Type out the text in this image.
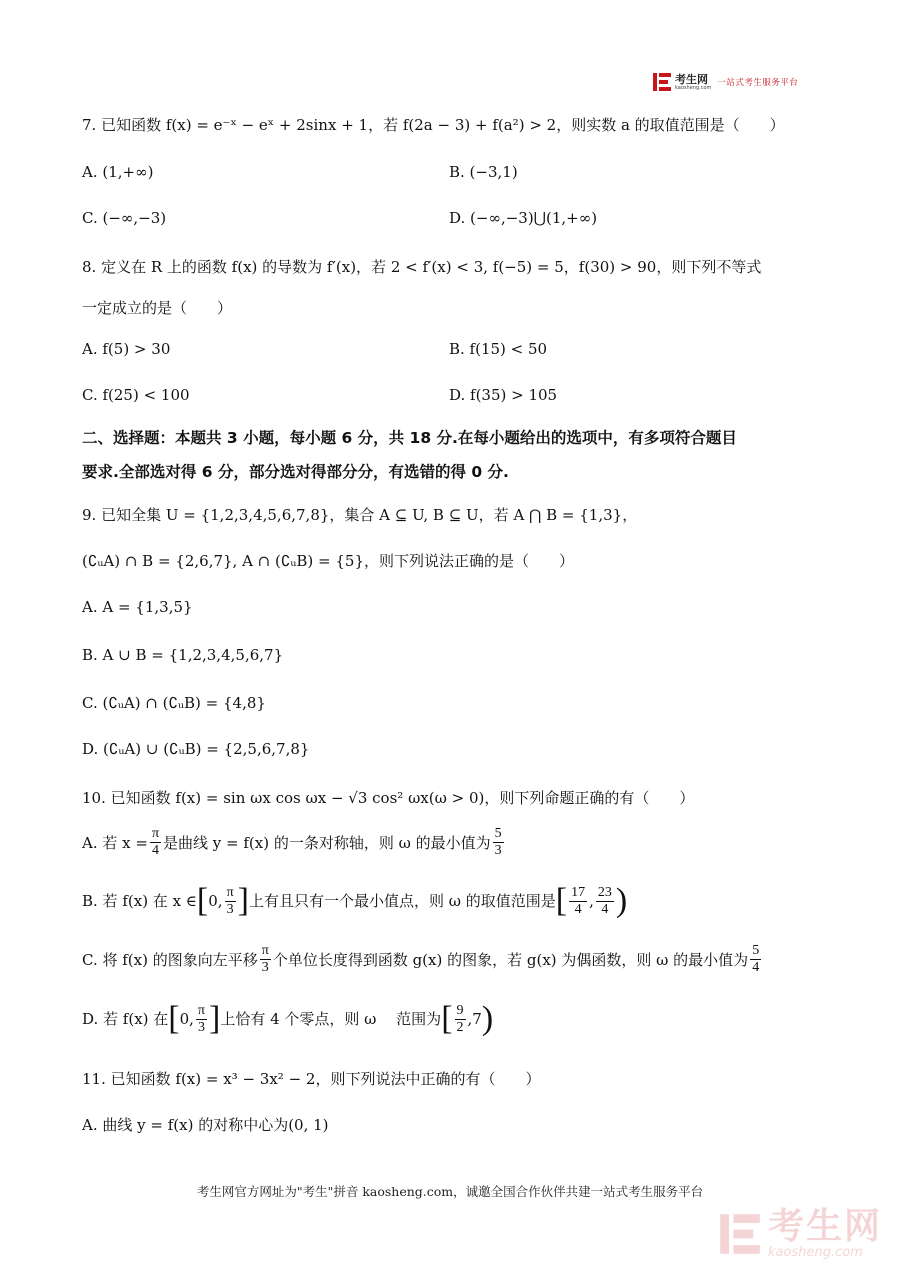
考生网
kaosheng.com 一站式考生服务平台
7. 已知函数 f(x) = e⁻ˣ − eˣ + 2sinx + 1，若 f(2a − 3) + f(a²) > 2，则实数 a 的取值范围是（　　）
A. (1,+∞)	B. (−3,1)
C. (−∞,−3)	D. (−∞,−3)⋃(1,+∞)
8. 定义在 R 上的函数 f(x) 的导数为 f′(x)，若 2 < f′(x) < 3, f(−5) = 5，f(30) > 90，则下列不等式
一定成立的是（　　）
A. f(5) > 30	B. f(15) < 50
C. f(25) < 100	D. f(35) > 105
二、选择题：本题共 3 小题，每小题 6 分，共 18 分.在每小题给出的选项中，有多项符合题目
要求.全部选对得 6 分，部分选对得部分分，有选错的得 0 分.
9. 已知全集 U = {1,2,3,4,5,6,7,8}，集合 A ⊆ U, B ⊆ U，若 A ⋂ B = {1,3}，
(∁ᵤA) ∩ B = {2,6,7}, A ∩ (∁ᵤB) = {5}，则下列说法正确的是（　　）
A. A = {1,3,5}
B. A ∪ B = {1,2,3,4,5,6,7}
C. (∁ᵤA) ∩ (∁ᵤB) = {4,8}
D. (∁ᵤA) ∪ (∁ᵤB) = {2,5,6,7,8}
10. 已知函数 f(x) = sin ωx cos ωx − √3 cos² ωx(ω > 0)，则下列命题正确的有（　　）
A. 若 $x = \frac{\pi}{4}$ 是曲线 y = f(x) 的一条对称轴，则 ω 的最小值为 $\frac{5}{3}$
B. 若 f(x) 在 x ∈ [ 0, $\frac{\pi}{3}$ ] 上有且只有一个最小值点，则 ω 的取值范围是 [ $\frac{17}{4}$ , $\frac{23}{4}$ )
C. 将 f(x) 的图象向左平移 $\frac{\pi}{3}$ 个单位长度得到函数 g(x) 的图象，若 g(x) 为偶函数，则 ω 的最小值为 $\frac{5}{4}$
D. 若 f(x) 在 [ 0, $\frac{\pi}{3}$ ] 上恰有 4 个零点，则 ω　 范围为 [ $\frac{9}{2} ,7$ )
11. 已知函数 f(x) = x³ − 3x² − 2，则下列说法中正确的有（　　）
A. 曲线 y = f(x) 的对称中心为(0, 1)
考生网官方网址为"考生"拼音 kaosheng.com，诚邀全国合作伙伴共建一站式考生服务平台
考生网
kaosheng.com
